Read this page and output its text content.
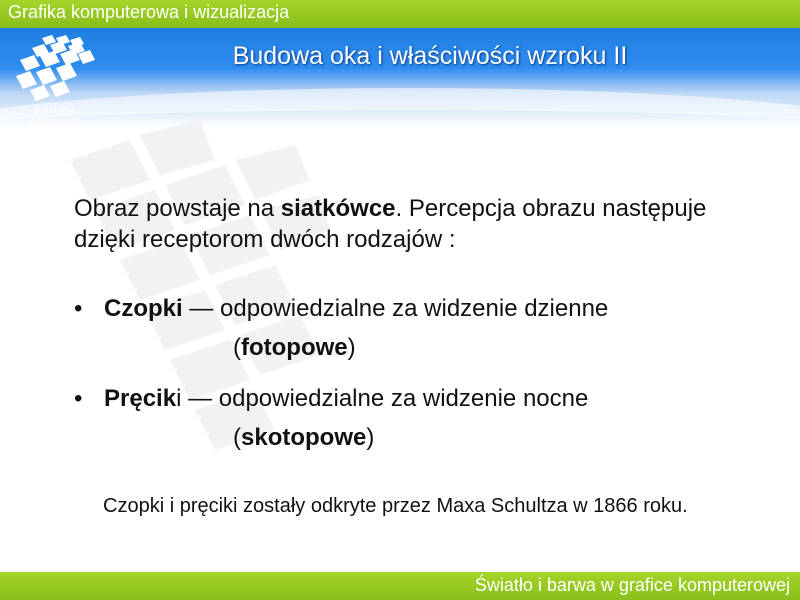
Grafika komputerowa i wizualizacja
E-STUDIA
INFORMATYCZNE
Budowa oka i właściwości wzroku II
Obraz powstaje na siatkówce. Percepcja obrazu następuje dzięki receptorom dwóch rodzajów :
• Czopki — odpowiedzialne za widzenie dzienne
(fotopowe)
• Pręciki — odpowiedzialne za widzenie nocne
(skotopowe)
Czopki i pręciki zostały odkryte przez Maxa Schultza w 1866 roku.
Światło i barwa w grafice komputerowej
